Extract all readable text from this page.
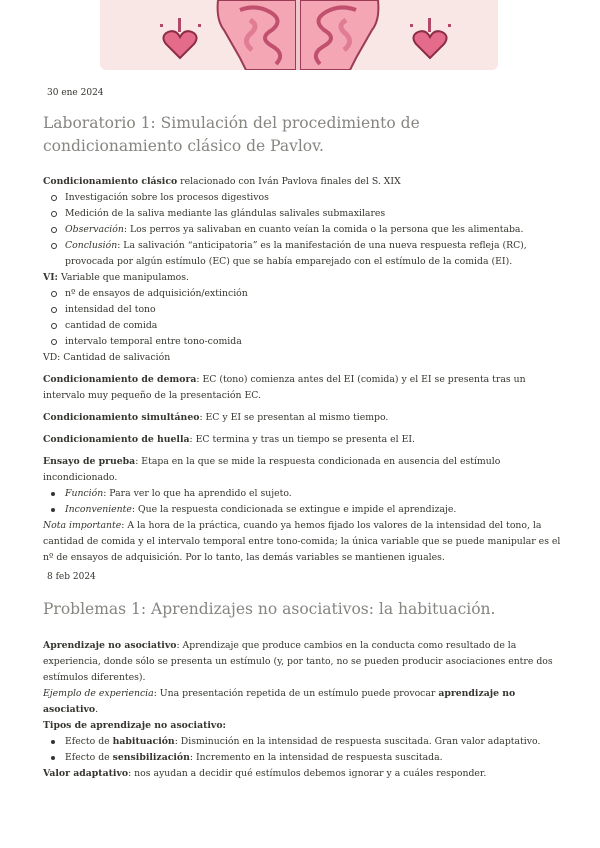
30 ene 2024

Laboratorio 1: Simulación del procedimiento de condicionamiento clásico de Pavlov.

Condicionamiento clásico relacionado con Iván Pavlova finales del S. XIX

Investigación sobre los procesos digestivos
Medición de la saliva mediante las glándulas salivales submaxilares
Observación: Los perros ya salivaban en cuanto veían la comida o la persona que les alimentaba.
Conclusión: La salivación “anticipatoria” es la manifestación de una nueva respuesta refleja (RC), provocada por algún estímulo (EC) que se había emparejado con el estímulo de la comida (EI).

VI: Variable que manipulamos.

nº de ensayos de adquisición/extinción
intensidad del tono
cantidad de comida
intervalo temporal entre tono-comida

VD: Cantidad de salivación

Condicionamiento de demora: EC (tono) comienza antes del EI (comida) y el EI se presenta tras un intervalo muy pequeño de la presentación EC.

Condicionamiento simultáneo: EC y EI se presentan al mismo tiempo.

Condicionamiento de huella: EC termina y tras un tiempo se presenta el EI.

Ensayo de prueba: Etapa en la que se mide la respuesta condicionada en ausencia del estímulo incondicionado.

Función: Para ver lo que ha aprendido el sujeto.
Inconveniente: Que la respuesta condicionada se extingue e impide el aprendizaje.

Nota importante: A la hora de la práctica, cuando ya hemos fijado los valores de la intensidad del tono, la cantidad de comida y el intervalo temporal entre tono-comida; la única variable que se puede manipular es el nº de ensayos de adquisición. Por lo tanto, las demás variables se mantienen iguales.

8 feb 2024

Problemas 1: Aprendizajes no asociativos: la habituación.

Aprendizaje no asociativo: Aprendizaje que produce cambios en la conducta como resultado de la experiencia, donde sólo se presenta un estímulo (y, por tanto, no se pueden producir asociaciones entre dos estímulos diferentes).

Ejemplo de experiencia: Una presentación repetida de un estímulo puede provocar aprendizaje no asociativo.

Tipos de aprendizaje no asociativo:

Efecto de habituación: Disminución en la intensidad de respuesta suscitada. Gran valor adaptativo.
Efecto de sensibilización: Incremento en la intensidad de respuesta suscitada.

Valor adaptativo: nos ayudan a decidir qué estímulos debemos ignorar y a cuáles responder.
